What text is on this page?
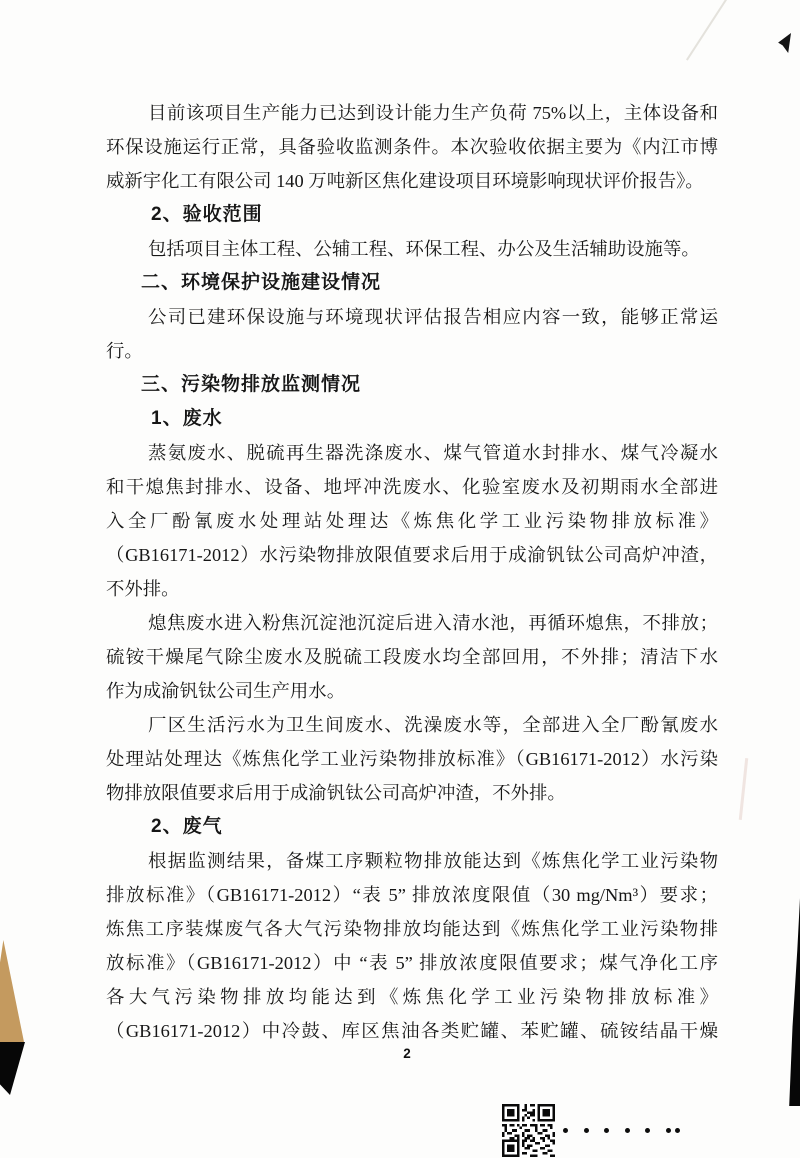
目前该项目生产能力已达到设计能力生产负荷 75%以上，主体设备和
环保设施运行正常，具备验收监测条件。本次验收依据主要为《内江市博
威新宇化工有限公司 140 万吨新区焦化建设项目环境影响现状评价报告》。
2、验收范围
包括项目主体工程、公辅工程、环保工程、办公及生活辅助设施等。
二、环境保护设施建设情况
公司已建环保设施与环境现状评估报告相应内容一致，能够正常运
行。
三、污染物排放监测情况
1、废水
蒸氨废水、脱硫再生器洗涤废水、煤气管道水封排水、煤气冷凝水
和干熄焦封排水、设备、地坪冲洗废水、化验室废水及初期雨水全部进
入全厂酚氰废水处理站处理达《炼焦化学工业污染物排放标准》
（GB16171-2012）水污染物排放限值要求后用于成渝钒钛公司高炉冲渣，
不外排。
熄焦废水进入粉焦沉淀池沉淀后进入清水池，再循环熄焦，不排放；
硫铵干燥尾气除尘废水及脱硫工段废水均全部回用，不外排；清洁下水
作为成渝钒钛公司生产用水。
厂区生活污水为卫生间废水、洗澡废水等，全部进入全厂酚氰废水
处理站处理达《炼焦化学工业污染物排放标准》（GB16171-2012）水污染
物排放限值要求后用于成渝钒钛公司高炉冲渣，不外排。
2、废气
根据监测结果，备煤工序颗粒物排放能达到《炼焦化学工业污染物
排放标准》（GB16171-2012）“表 5” 排放浓度限值（30 mg/Nm³）要求；
炼焦工序装煤废气各大气污染物排放均能达到《炼焦化学工业污染物排
放标准》（GB16171-2012）中 “表 5” 排放浓度限值要求；煤气净化工序
各大气污染物排放均能达到《炼焦化学工业污染物排放标准》
（GB16171-2012）中冷鼓、库区焦油各类贮罐、苯贮罐、硫铵结晶干燥
2
